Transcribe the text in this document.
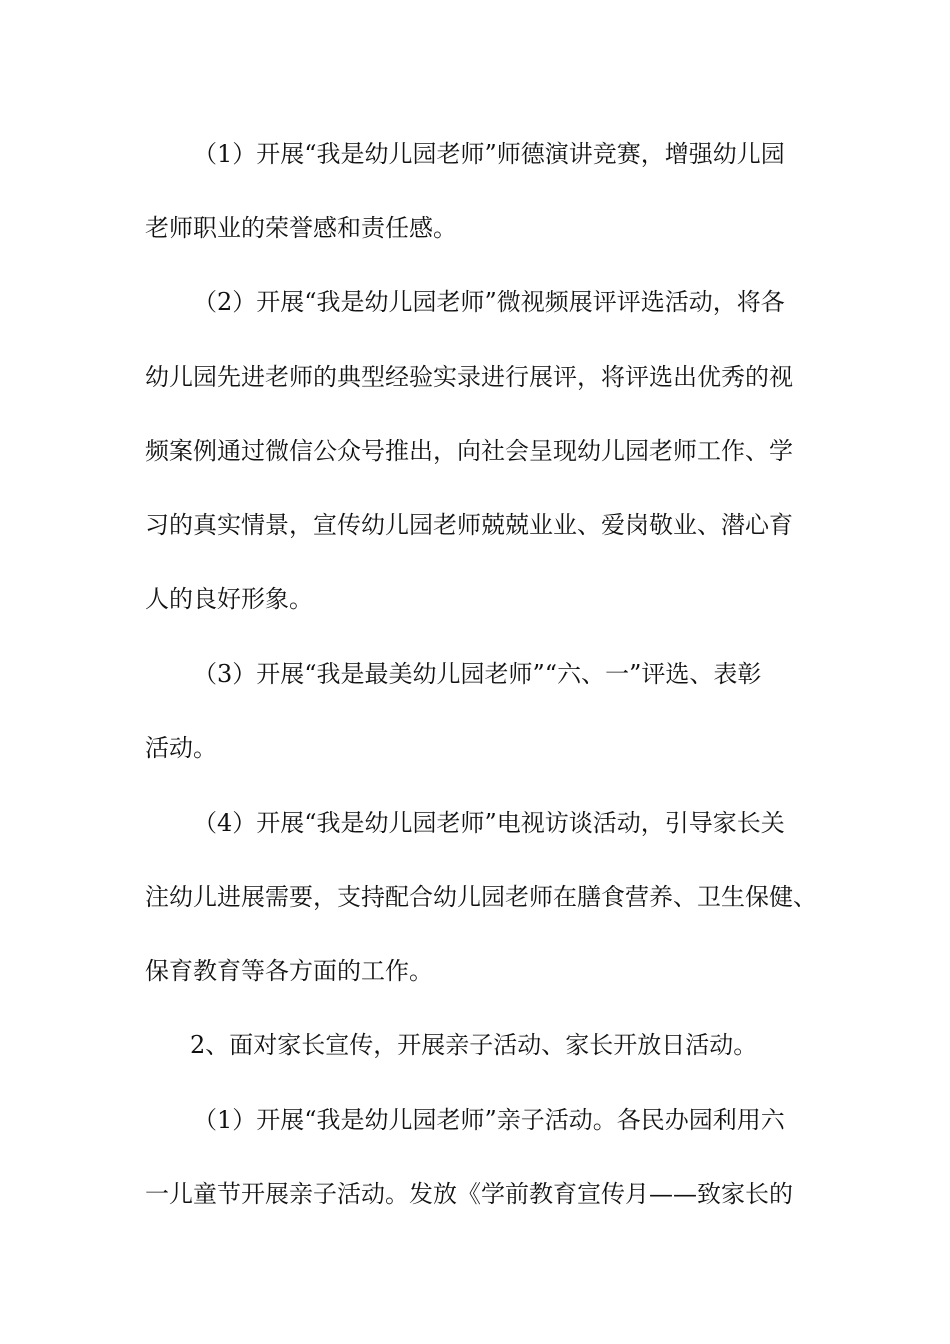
（1）开展“我是幼儿园老师”师德演讲竞赛，增强幼儿园
老师职业的荣誉感和责任感。
（2）开展“我是幼儿园老师”微视频展评评选活动，将各
幼儿园先进老师的典型经验实录进行展评，将评选出优秀的视
频案例通过微信公众号推出，向社会呈现幼儿园老师工作、学
习的真实情景，宣传幼儿园老师兢兢业业、爱岗敬业、潜心育
人的良好形象。
（3）开展“我是最美幼儿园老师”“六、一”评选、表彰
活动。
（4）开展“我是幼儿园老师”电视访谈活动，引导家长关
注幼儿进展需要，支持配合幼儿园老师在膳食营养、卫生保健、
保育教育等各方面的工作。
2、面对家长宣传，开展亲子活动、家长开放日活动。
（1）开展“我是幼儿园老师”亲子活动。各民办园利用六
一儿童节开展亲子活动。发放《学前教育宣传月——致家长的
